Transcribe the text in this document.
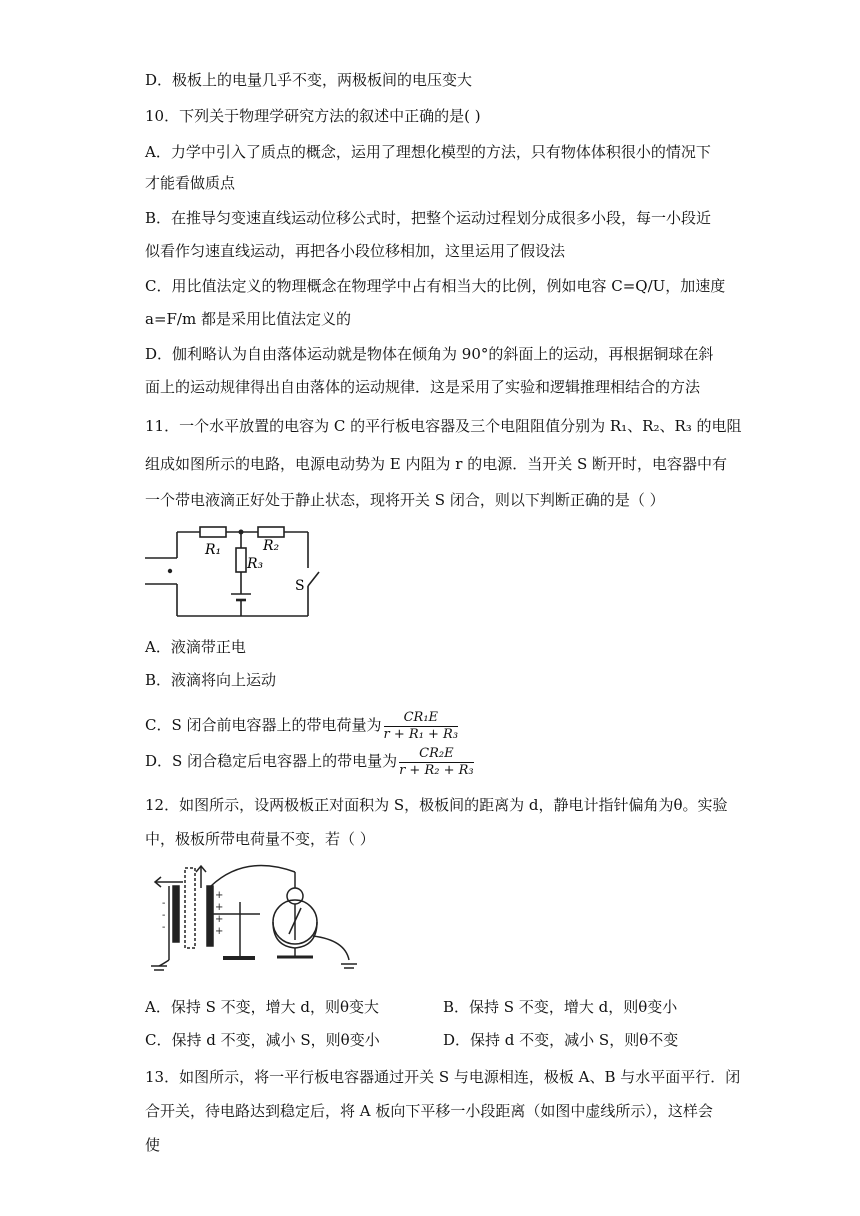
D．极板上的电量几乎不变，两极板间的电压变大
10．下列关于物理学研究方法的叙述中正确的是( )
A．力学中引入了质点的概念，运用了理想化模型的方法，只有物体体积很小的情况下
才能看做质点
B．在推导匀变速直线运动位移公式时，把整个运动过程划分成很多小段，每一小段近
似看作匀速直线运动，再把各小段位移相加，这里运用了假设法
C．用比值法定义的物理概念在物理学中占有相当大的比例，例如电容 C=Q/U，加速度
a=F/m 都是采用比值法定义的
D．伽利略认为自由落体运动就是物体在倾角为 90°的斜面上的运动，再根据铜球在斜
面上的运动规律得出自由落体的运动规律．这是采用了实验和逻辑推理相结合的方法
11．一个水平放置的电容为 C 的平行板电容器及三个电阻阻值分别为 R₁、R₂、R₃ 的电阻
组成如图所示的电路，电源电动势为 E 内阻为 r 的电源．当开关 S 断开时，电容器中有
一个带电液滴正好处于静止状态，现将开关 S 闭合，则以下判断正确的是（ ）
R₁	R₂
R₃
S
A．液滴带正电
B．液滴将向上运动
C．S 闭合前电容器上的带电荷量为 $\frac{\text{CR₁E}}{\text{r + R₁ + R₃}}$
D．S 闭合稳定后电容器上的带电量为 $\frac{\text{CR₂E}}{\text{r + R₂ + R₃}}$
12．如图所示，设两极板正对面积为 S，极板间的距离为 d，静电计指针偏角为θ。实验
中，极板所带电荷量不变，若（ ）
+
+
+
+
-
-
-
A．保持 S 不变，增大 d，则θ变大	B．保持 S 不变，增大 d，则θ变小
C．保持 d 不变，减小 S，则θ变小	D．保持 d 不变，减小 S，则θ不变
13．如图所示，将一平行板电容器通过开关 S 与电源相连，极板 A、B 与水平面平行．闭
合开关，待电路达到稳定后，将 A 板向下平移一小段距离（如图中虚线所示），这样会
使
